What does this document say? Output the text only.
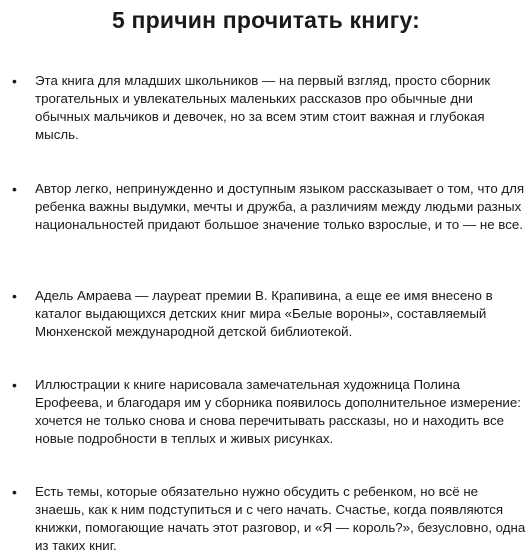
5 причин прочитать книгу:
• Эта книга для младших школьников — на первый взгляд, просто сборник трогательных и увлекательных маленьких рассказов про обычные дни обычных мальчиков и девочек, но за всем этим стоит важная и глубокая мысль.

• Автор легко, непринужденно и доступным языком рассказывает о том, что для ребенка важны выдумки, мечты и дружба, а различиям между людьми разных национальностей придают большое значение только взрослые, и то — не все.

• Адель Амраева — лауреат премии В. Крапивина, а еще ее имя внесено в каталог выдающихся детских книг мира «Белые вороны», составляемый Мюнхенской международной детской библиотекой.

• Иллюстрации к книге нарисовала замечательная художница Полина Ерофеева, и благодаря им у сборника появилось дополнительное измерение: хочется не только снова и снова перечитывать рассказы, но и находить все новые подробности в теплых и живых рисунках.

• Есть темы, которые обязательно нужно обсудить с ребенком, но всё не знаешь, как к ним подступиться и с чего начать. Счастье, когда появляются книжки, помогающие начать этот разговор, и «Я — король?», безусловно, одна из таких книг.
